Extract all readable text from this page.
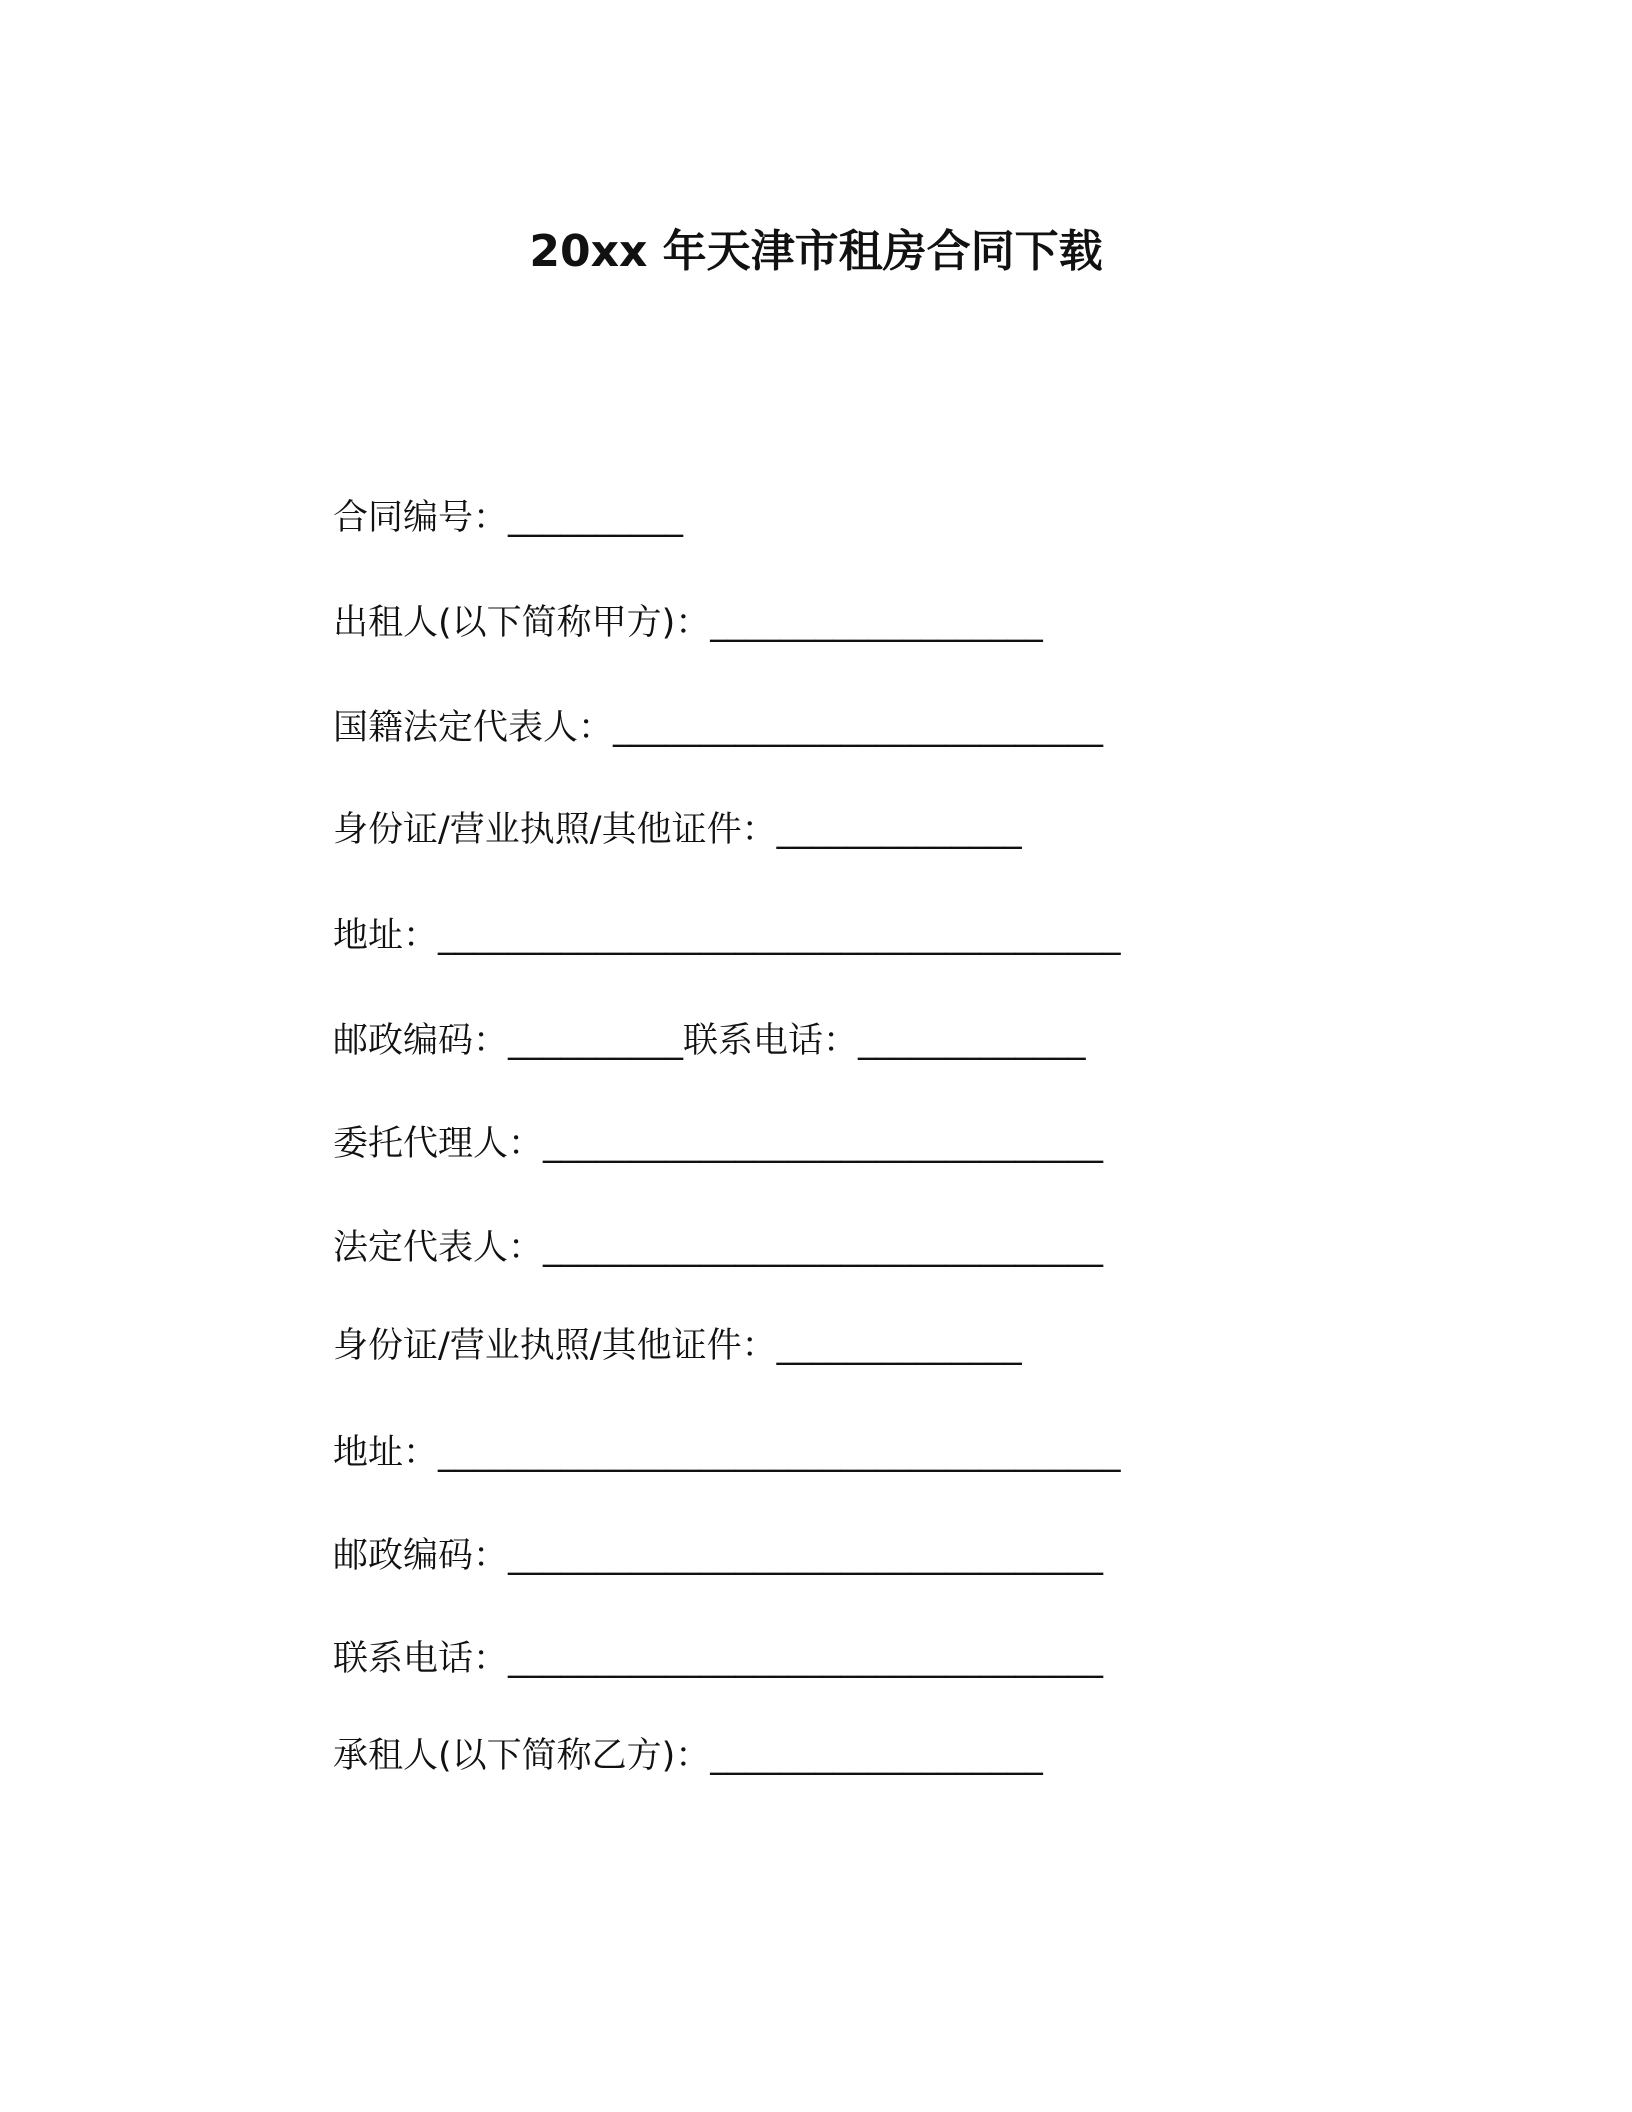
20xx 年天津市租房合同下载
合同编号：__________
出租人(以下简称甲方)：___________________
国籍法定代表人：____________________________
身份证/营业执照/其他证件：______________
地址：_______________________________________
邮政编码：__________联系电话：_____________
委托代理人：________________________________
法定代表人：________________________________
身份证/营业执照/其他证件：______________
地址：_______________________________________
邮政编码：__________________________________
联系电话：__________________________________
承租人(以下简称乙方)：___________________
